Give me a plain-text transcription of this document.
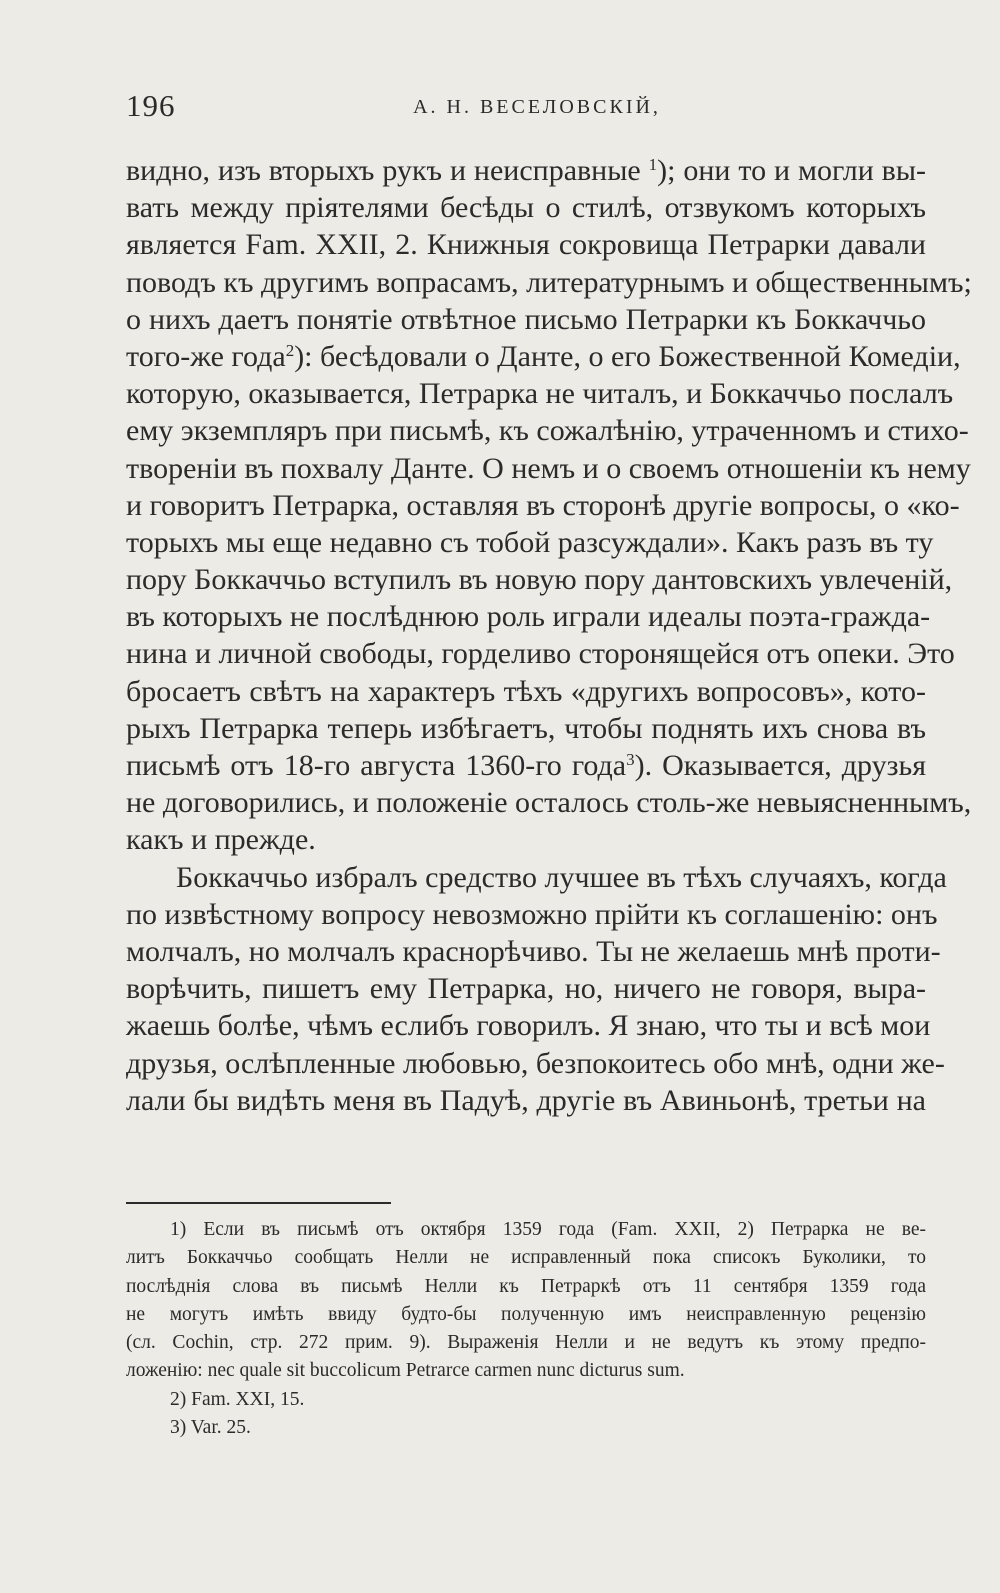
196	А. Н. ВЕСЕЛОВСКІЙ,
видно, изъ вторыхъ рукъ и неисправные $^1$); они то и могли вы-
вать между пріятелями бесѣды о стилѣ, отзвукомъ которыхъ
является Fam. XXII, 2. Книжныя сокровища Петрарки давали
поводъ къ другимъ вопрасамъ, литературнымъ и общественнымъ;
о нихъ даетъ понятіе отвѣтное письмо Петрарки къ Боккаччьо
того-же года$^2$): бесѣдовали о Данте, о его Божественной Комедіи,
которую, оказывается, Петрарка не читалъ, и Боккаччьо послалъ
ему экземпляръ при письмѣ, къ сожалѣнію, утраченномъ и стихо-
твореніи въ похвалу Данте. О немъ и о своемъ отношеніи къ нему
и говоритъ Петрарка, оставляя въ сторонѣ другіе вопросы, о «ко-
торыхъ мы еще недавно съ тобой разсуждали». Какъ разъ въ ту
пору Боккаччьо вступилъ въ новую пору дантовскихъ увлеченій,
въ которыхъ не послѣднюю роль играли идеалы поэта-гражда-
нина и личной свободы, горделиво сторонящейся отъ опеки. Это
бросаетъ свѣтъ на характеръ тѣхъ «другихъ вопросовъ», кото-
рыхъ Петрарка теперь избѣгаетъ, чтобы поднять ихъ снова въ
письмѣ отъ 18-го августа 1360-го года$^3$). Оказывается, друзья
не договорились, и положеніе осталось столь-же невыясненнымъ,
какъ и прежде.
Боккаччьо избралъ средство лучшее въ тѣхъ случаяхъ, когда
по извѣстному вопросу невозможно прійти къ соглашенію: онъ
молчалъ, но молчалъ краснорѣчиво. Ты не желаешь мнѣ проти-
ворѣчить, пишетъ ему Петрарка, но, ничего не говоря, выра-
жаешь болѣе, чѣмъ еслибъ говорилъ. Я знаю, что ты и всѣ мои
друзья, ослѣпленные любовью, безпокоитесь обо мнѣ, одни же-
лали бы видѣть меня въ Падуѣ, другіе въ Авиньонѣ, третьи на
1) Если въ письмѣ отъ октября 1359 года (Fam. XXII, 2) Петрарка не ве-
литъ Боккаччьо сообщать Нелли не исправленный пока списокъ Буколики, то
послѣднія слова въ письмѣ Нелли къ Петраркѣ отъ 11 сентября 1359 года
не могутъ имѣть ввиду будто-бы полученную имъ неисправленную рецензію
(сл. Cochin, стр. 272 прим. 9). Выраженія Нелли и не ведутъ къ этому предпо-
ложенію: nec quale sit buccolicum Petrarce carmen nunc dicturus sum.
2) Fam. XXI, 15.
3) Var. 25.
